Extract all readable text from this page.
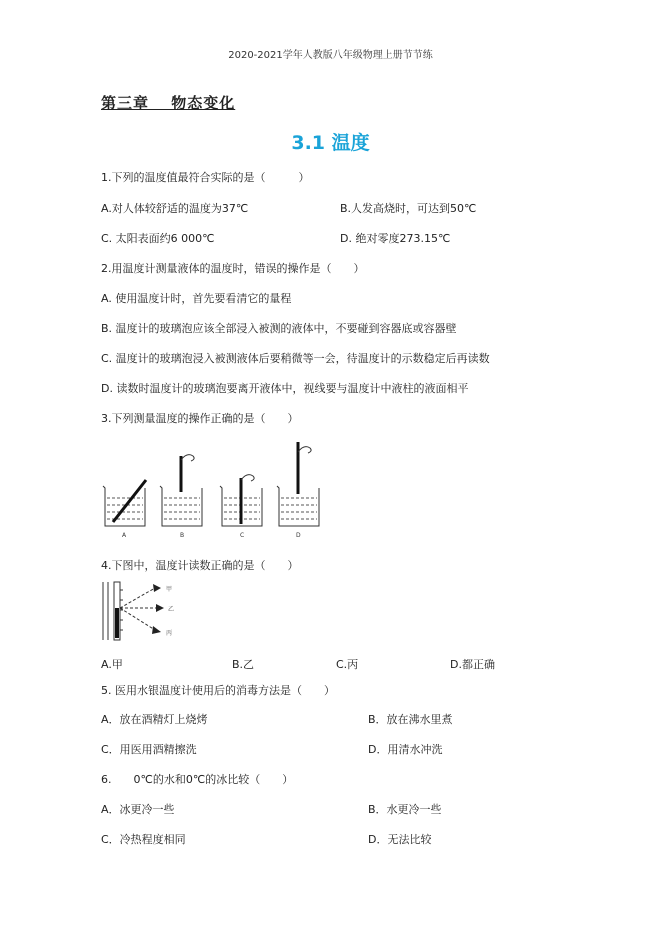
2020-2021学年人教版八年级物理上册节节练
第三章　 物态变化
3.1 温度
1.下列的温度值最符合实际的是（　　　）
A.对人体较舒适的温度为37℃	B.人发高烧时，可达到50℃
C. 太阳表面约6 000℃	D. 绝对零度273.15℃
2.用温度计测量液体的温度时，错误的操作是（　　）
A. 使用温度计时，首先要看清它的量程
B. 温度计的玻璃泡应该全部浸入被测的液体中，不要碰到容器底或容器壁
C. 温度计的玻璃泡浸入被测液体后要稍微等一会，待温度计的示数稳定后再读数
D. 读数时温度计的玻璃泡要离开液体中，视线要与温度计中液柱的液面相平
3.下列测量温度的操作正确的是（　　）
A	B	C	D
4.下图中，温度计读数正确的是（　　）
甲
乙
丙
A.甲	B.乙	C.丙	D.都正确
5. 医用水银温度计使用后的消毒方法是（　　）
A．放在酒精灯上烧烤	B．放在沸水里煮
C．用医用酒精擦洗	D．用清水冲洗
6.　　0℃的水和0℃的冰比较（　　）
A．冰更冷一些	B．水更冷一些
C．冷热程度相同	D．无法比较
